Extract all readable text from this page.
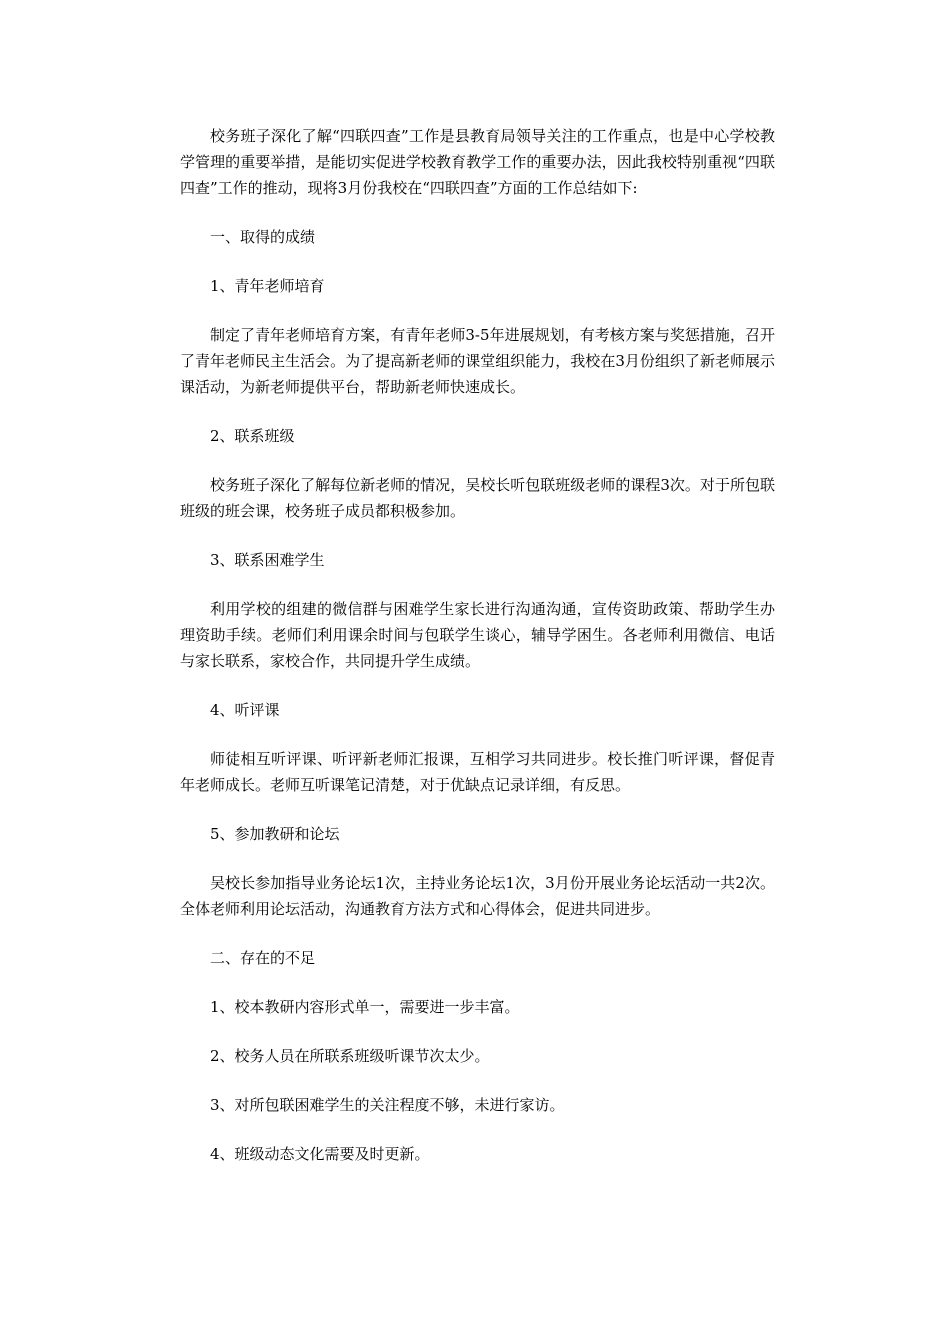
校务班子深化了解“四联四查”工作是县教育局领导关注的工作重点，也是中心学校教学管理的重要举措，是能切实促进学校教育教学工作的重要办法，因此我校特别重视“四联四查”工作的推动，现将3月份我校在“四联四查”方面的工作总结如下:

一、取得的成绩

1、青年老师培育

制定了青年老师培育方案，有青年老师3-5年进展规划，有考核方案与奖惩措施，召开了青年老师民主生活会。为了提高新老师的课堂组织能力，我校在3月份组织了新老师展示课活动，为新老师提供平台，帮助新老师快速成长。

2、联系班级

校务班子深化了解每位新老师的情况，吴校长听包联班级老师的课程3次。对于所包联班级的班会课，校务班子成员都积极参加。

3、联系困难学生

利用学校的组建的微信群与困难学生家长进行沟通沟通，宣传资助政策、帮助学生办理资助手续。老师们利用课余时间与包联学生谈心，辅导学困生。各老师利用微信、电话与家长联系，家校合作，共同提升学生成绩。

4、听评课

师徒相互听评课、听评新老师汇报课，互相学习共同进步。校长推门听评课，督促青年老师成长。老师互听课笔记清楚，对于优缺点记录详细，有反思。

5、参加教研和论坛

吴校长参加指导业务论坛1次，主持业务论坛1次，3月份开展业务论坛活动一共2次。全体老师利用论坛活动，沟通教育方法方式和心得体会，促进共同进步。

二、存在的不足

1、校本教研内容形式单一，需要进一步丰富。

2、校务人员在所联系班级听课节次太少。

3、对所包联困难学生的关注程度不够，未进行家访。

4、班级动态文化需要及时更新。
